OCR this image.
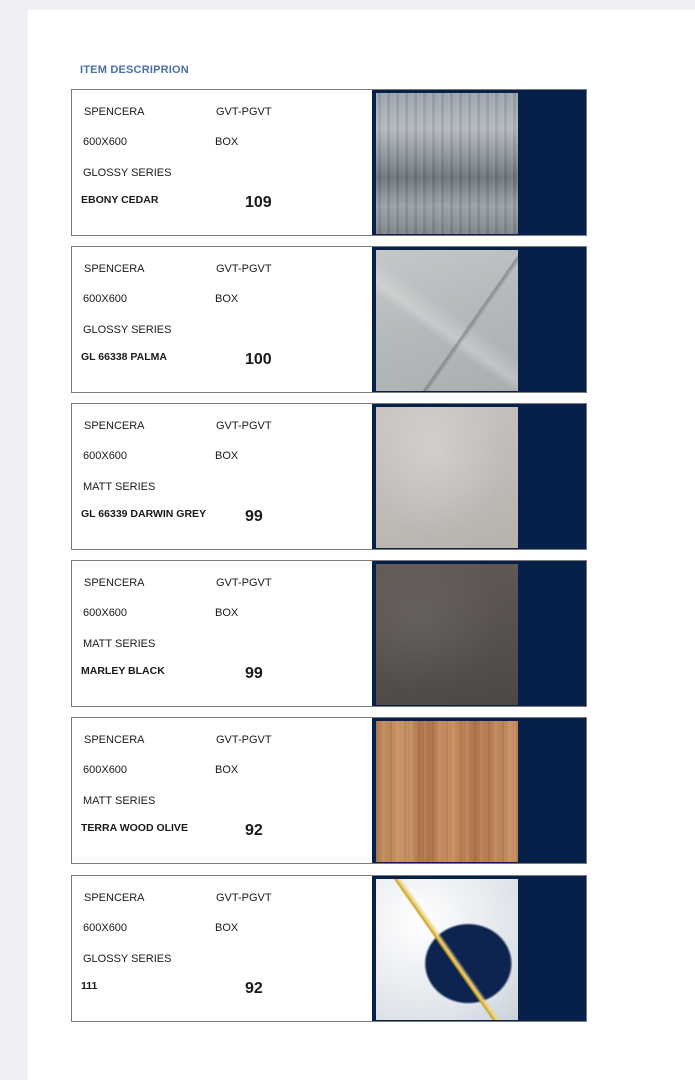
ITEM DESCRIPRION
SPENCERA	GVT-PGVT
600X600	BOX
GLOSSY SERIES
EBONY CEDAR	109
SPENCERA	GVT-PGVT
600X600	BOX
GLOSSY SERIES
GL 66338 PALMA	100
SPENCERA	GVT-PGVT
600X600	BOX
MATT SERIES
GL 66339 DARWIN GREY 99
SPENCERA	GVT-PGVT
600X600	BOX
MATT SERIES
MARLEY BLACK	99
SPENCERA	GVT-PGVT
600X600	BOX
MATT SERIES
TERRA WOOD OLIVE	92
SPENCERA	GVT-PGVT
600X600	BOX
GLOSSY SERIES
111	92
